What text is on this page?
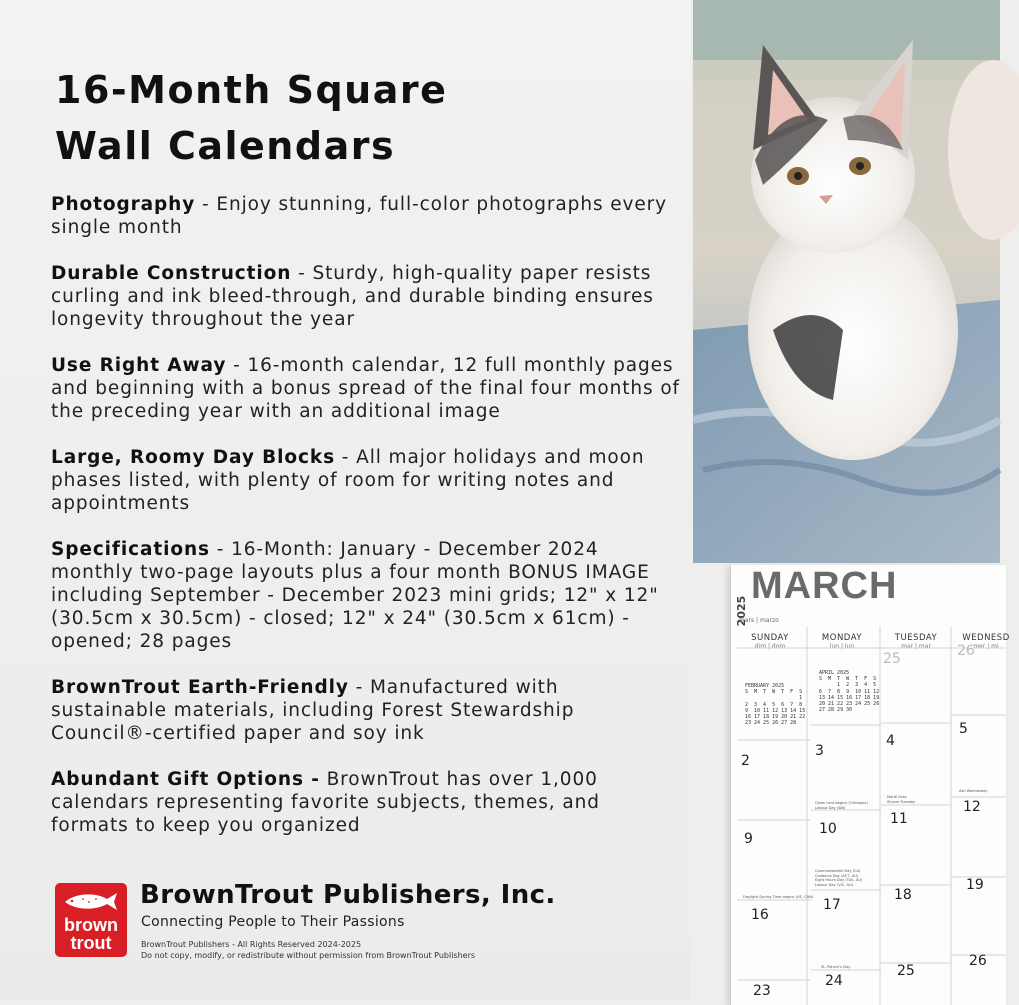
16-Month Square
Wall Calendars

Photography - Enjoy stunning, full-color photographs every single month

Durable Construction - Sturdy, high-quality paper resists curling and ink bleed-through, and durable binding ensures longevity throughout the year

Use Right Away - 16-month calendar, 12 full monthly pages and beginning with a bonus spread of the final four months of the preceding year with an additional image

Large, Roomy Day Blocks - All major holidays and moon phases listed, with plenty of room for writing notes and appointments

Specifications - 16-Month: January - December 2024 monthly two-page layouts plus a four month BONUS IMAGE including September - December 2023 mini grids; 12" x 12" (30.5cm x 30.5cm) - closed; 12" x 24" (30.5cm x 61cm) - opened; 28 pages

BrownTrout Earth-Friendly - Manufactured with sustainable materials, including Forest Stewardship Council®-certified paper and soy ink

Abundant Gift Options - BrownTrout has over 1,000 calendars representing favorite subjects, themes, and formats to keep you organized

brown
trout
BrownTrout Publishers, Inc.
Connecting People to Their Passions
BrownTrout Publishers - All Rights Reserved 2024-2025
Do not copy, modify, or redistribute without permission from BrownTrout Publishers
2025
MARCH
mars | marzo
SUNDAY
dim | dom
MONDAY
lun | lun
TUESDAY
mar | mar
WEDNESD
mer | mi
FEBRUARY 2025
S  M  T  W  T  F  S
1
2  3  4  5  6  7  8
9  10 11 12 13 14 15
16 17 18 19 20 21 22
23 24 25 26 27 28
APRIL 2025
S  M  T  W  T  F  S
1  2  3  4  5
6  7  8  9  10 11 12
13 14 15 16 17 18 19
20 21 22 23 24 25 26
27 28 29 30
25	26
2
3
4
5
9
10
11
12
16
17
18
19
23
24
25
26
Clean Lent begins (Orthodox)
Labour Day (WA)
Mardi Gras
Shrove Tuesday
Ash Wednesday
Commonwealth Day (CA)
Canberra Day (ACT, AU)
Eight Hours Day (TAS, AU)
Labour Day (VIC, AU)
Daylight Saving Time begins (US, CAN)
St. Patrick's Day
